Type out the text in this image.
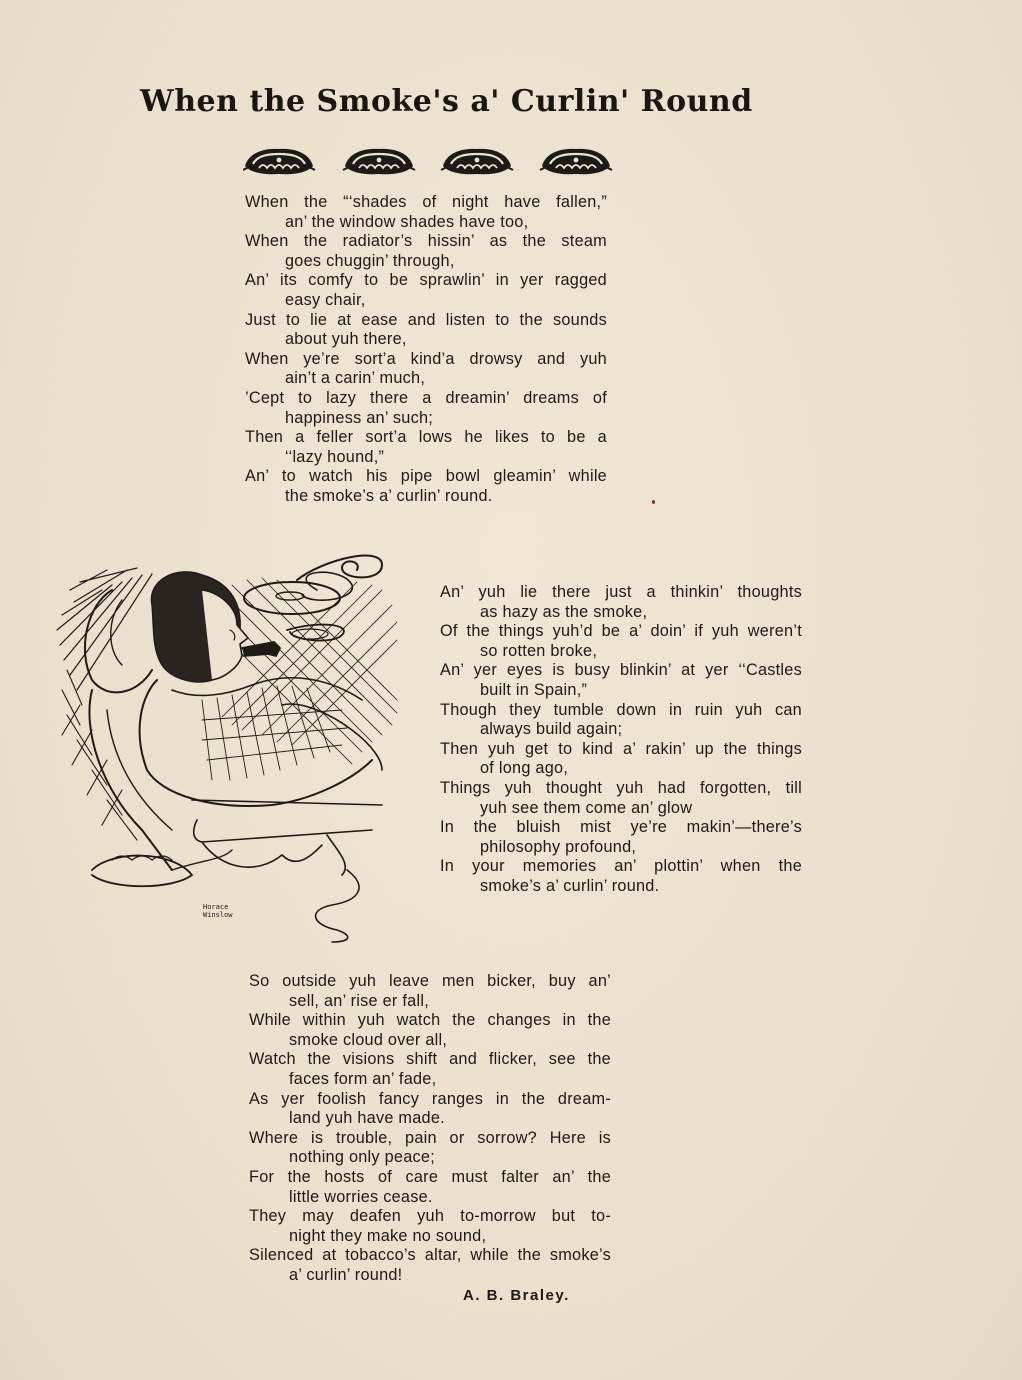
When the Smoke's a' Curlin' Round
When the “‘shades of night have fallen,”
an’ the window shades have too,
When the radiator’s hissin’ as the steam
goes chuggin’ through,
An’ its comfy to be sprawlin’ in yer ragged
easy chair,
Just to lie at ease and listen to the sounds
about yuh there,
When ye’re sort’a kind’a drowsy and yuh
ain’t a carin’ much,
’Cept to lazy there a dreamin’ dreams of
happiness an’ such;
Then a feller sort’a lows he likes to be a
‘‘lazy hound,”
An’ to watch his pipe bowl gleamin’ while
the smoke’s a’ curlin’ round.
Horace
Winslow
An’ yuh lie there just a thinkin’ thoughts
as hazy as the smoke,
Of the things yuh’d be a’ doin’ if yuh weren’t
so rotten broke,
An’ yer eyes is busy blinkin’ at yer ‘‘Castles
built in Spain,”
Though they tumble down in ruin yuh can
always build again;
Then yuh get to kind a’ rakin’ up the things
of long ago,
Things yuh thought yuh had forgotten, till
yuh see them come an’ glow
In the bluish mist ye’re makin’—there’s
philosophy profound,
In your memories an’ plottin’ when the
smoke’s a’ curlin’ round.
So outside yuh leave men bicker, buy an’
sell, an’ rise er fall,
While within yuh watch the changes in the
smoke cloud over all,
Watch the visions shift and flicker, see the
faces form an’ fade,
As yer foolish fancy ranges in the dream-
land yuh have made.
Where is trouble, pain or sorrow? Here is
nothing only peace;
For the hosts of care must falter an’ the
little worries cease.
They may deafen yuh to-morrow but to-
night they make no sound,
Silenced at tobacco’s altar, while the smoke’s
a’ curlin’ round!
A. B. Braley.
